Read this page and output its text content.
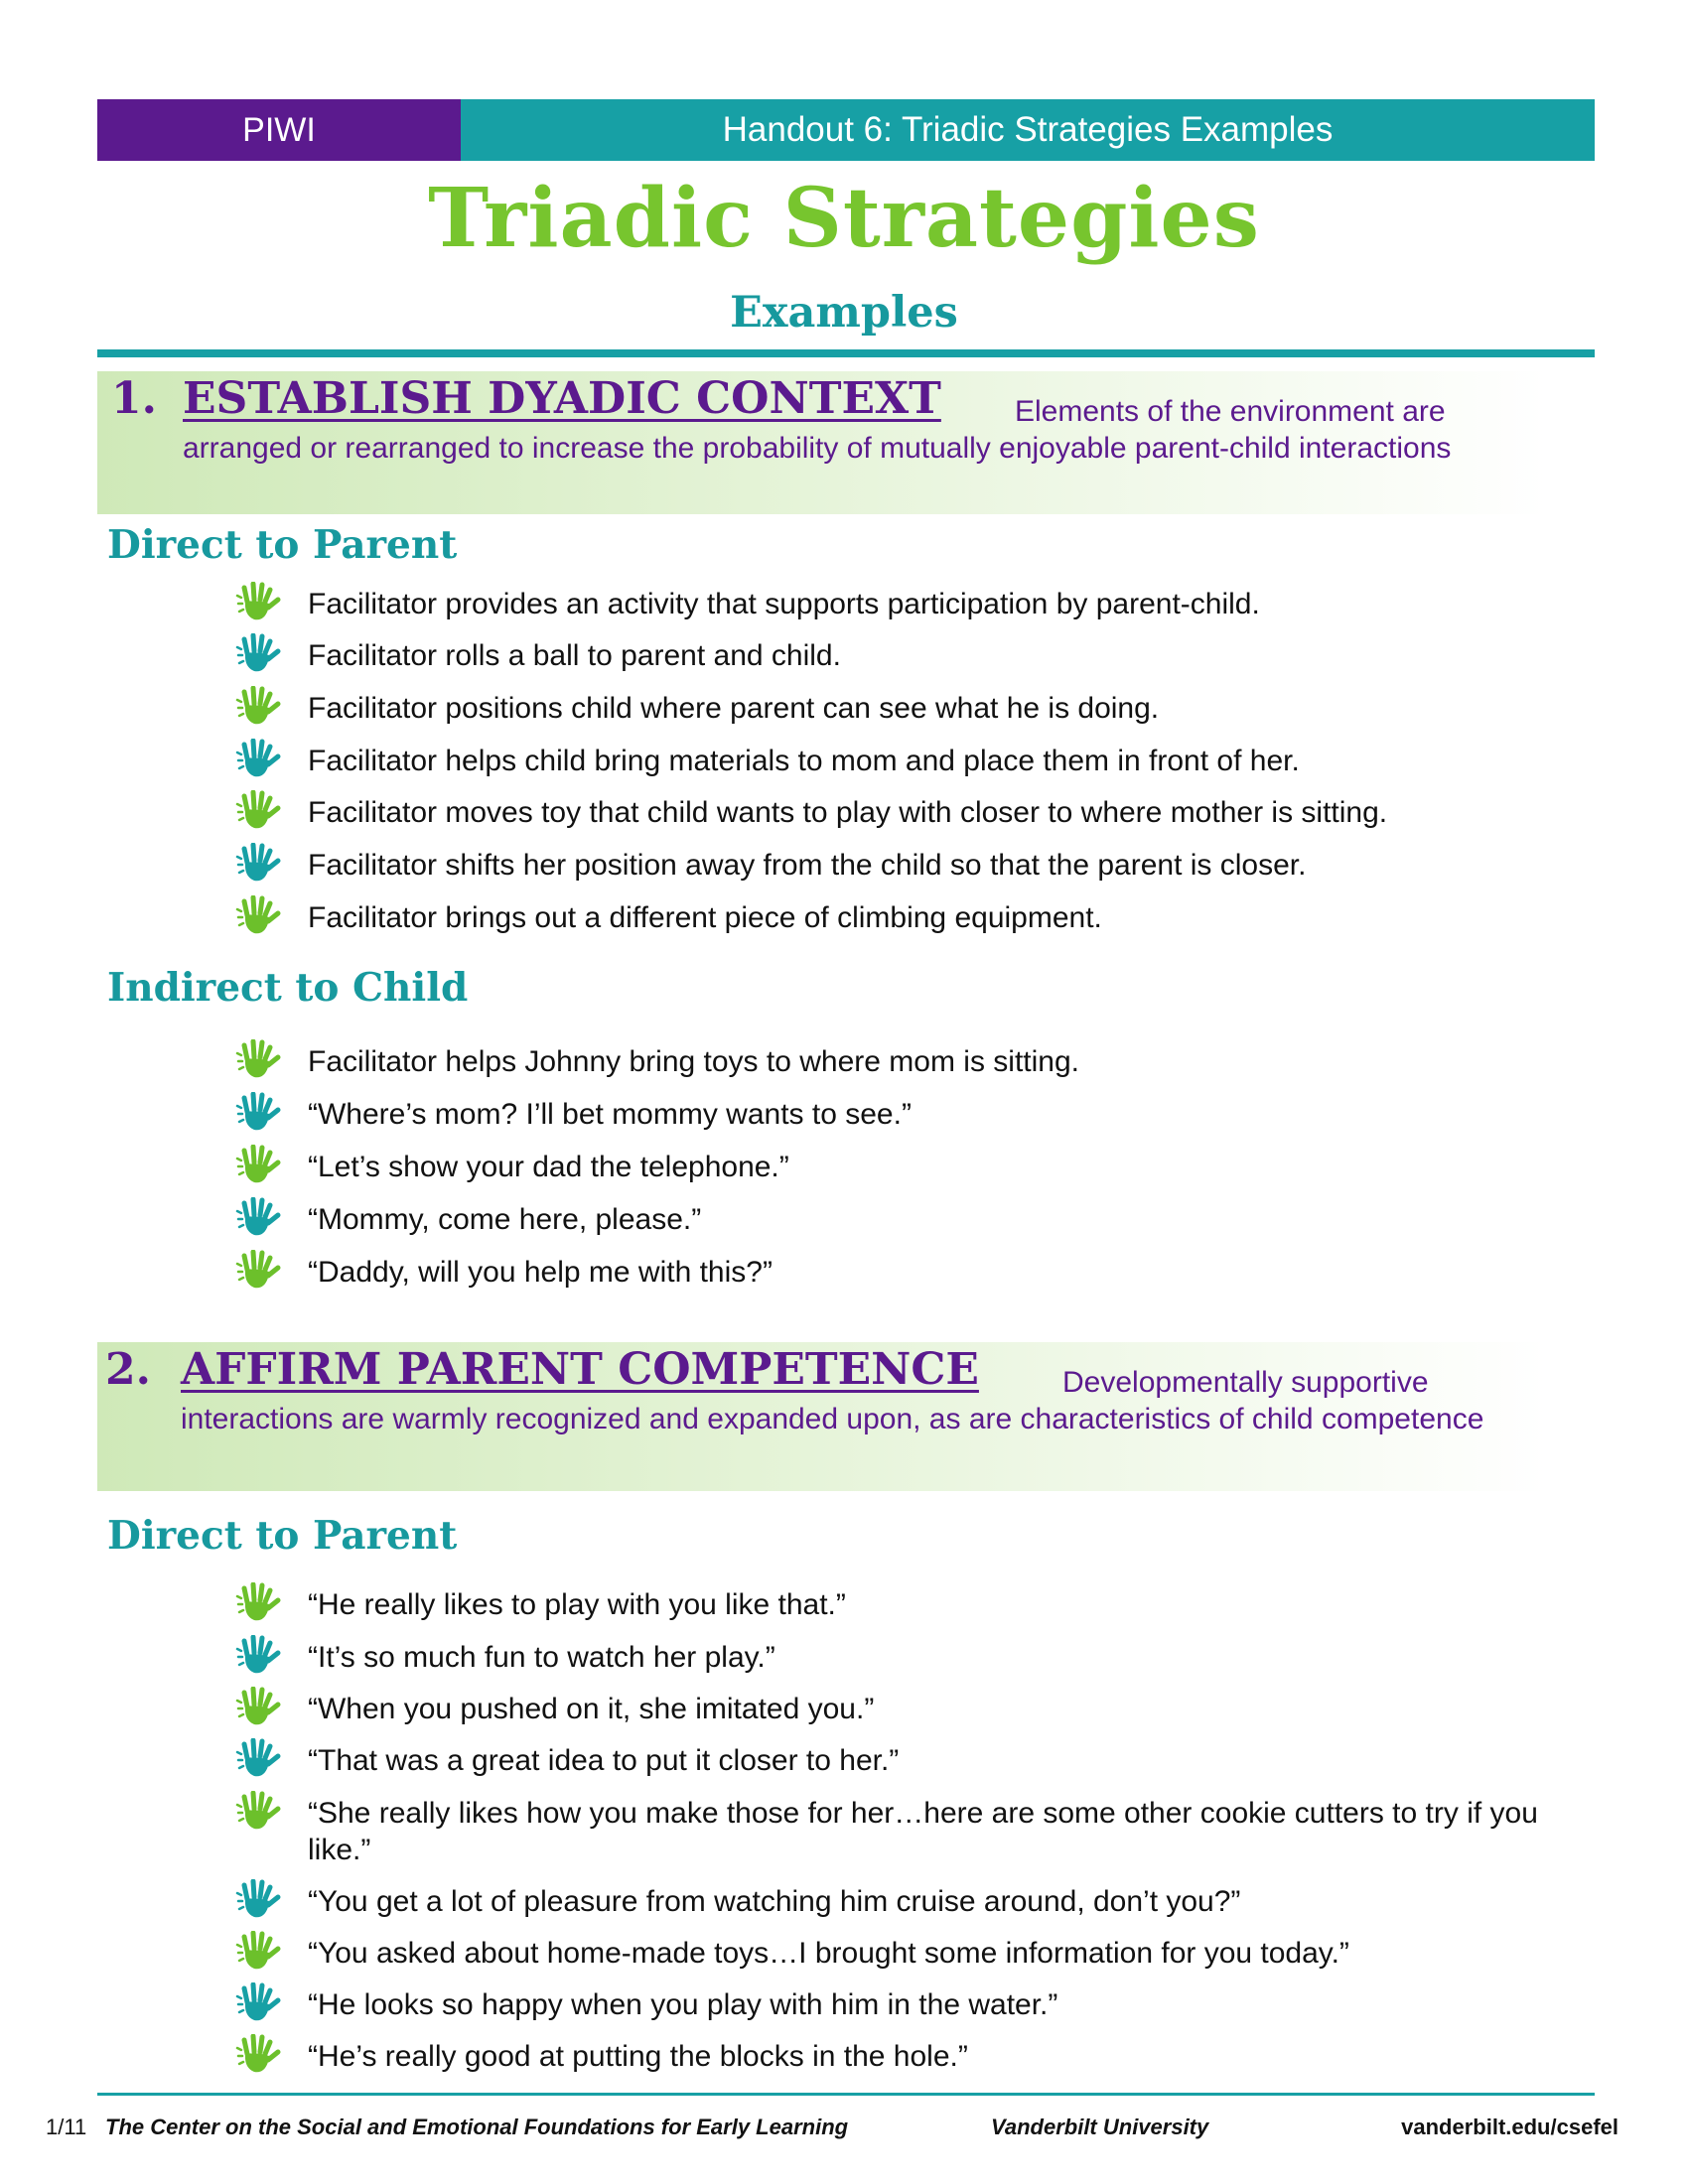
PIWI	Handout 6: Triadic Strategies Examples
Triadic Strategies
Examples
1. ESTABLISH DYADIC CONTEXT	Elements of the environment are arranged or rearranged to increase the probability of mutually enjoyable parent-child interactions
Direct to Parent
Facilitator provides an activity that supports participation by parent-child.
Facilitator rolls a ball to parent and child.
Facilitator positions child where parent can see what he is doing.
Facilitator helps child bring materials to mom and place them in front of her.
Facilitator moves toy that child wants to play with closer to where mother is sitting.
Facilitator shifts her position away from the child so that the parent is closer.
Facilitator brings out a different piece of climbing equipment.
Indirect to Child
Facilitator helps Johnny bring toys to where mom is sitting.
“Where’s mom? I’ll bet mommy wants to see.”
“Let’s show your dad the telephone.”
“Mommy, come here, please.”
“Daddy, will you help me with this?”
2. AFFIRM PARENT COMPETENCE	Developmentally supportive interactions are warmly recognized and expanded upon, as are characteristics of child competence
Direct to Parent
“He really likes to play with you like that.”
“It’s so much fun to watch her play.”
“When you pushed on it, she imitated you.”
“That was a great idea to put it closer to her.”
“She really likes how you make those for her…here are some other cookie cutters to try if you like.”
“You get a lot of pleasure from watching him cruise around, don’t you?”
“You asked about home-made toys…I brought some information for you today.”
“He looks so happy when you play with him in the water.”
“He’s really good at putting the blocks in the hole.”
1/11 The Center on the Social and Emotional Foundations for Early Learning	Vanderbilt University	vanderbilt.edu/csefel
